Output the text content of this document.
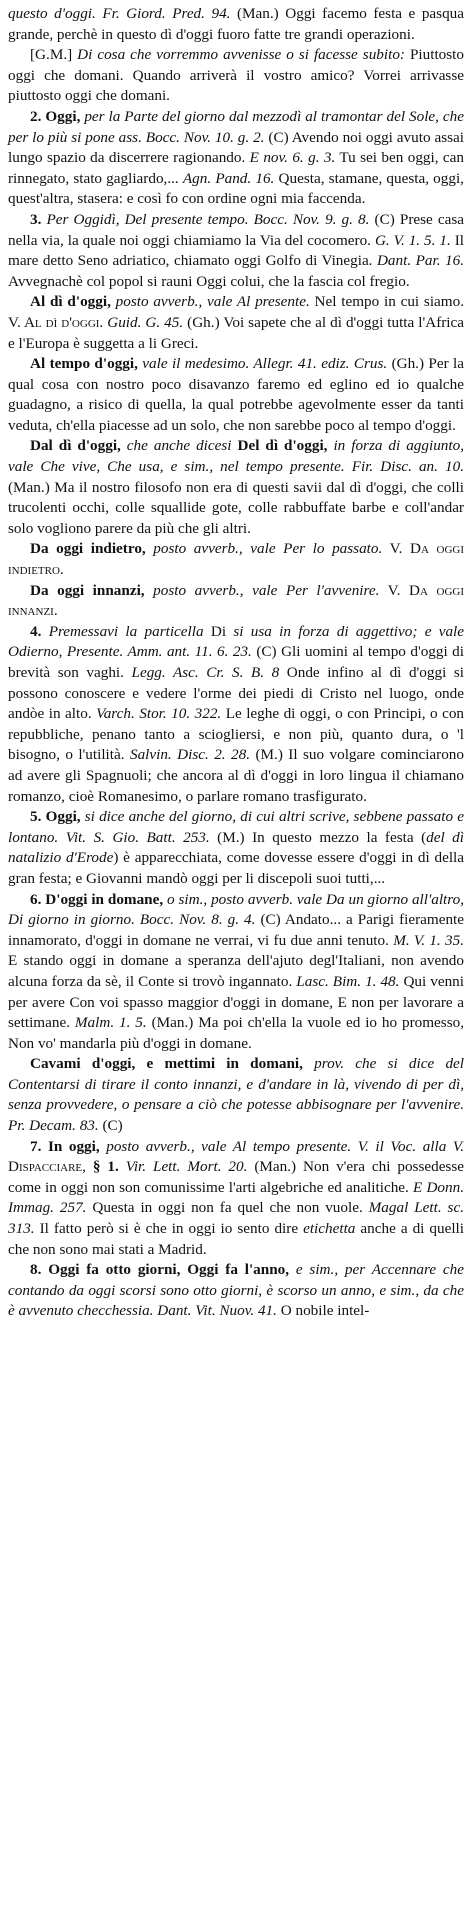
questo d'oggi. Fr. Giord. Pred. 94. (Man.) Oggi facemo festa e pasqua grande, perchè in questo dì d'oggi fuoro fatte tre grandi operazioni.

[G.M.] Di cosa che vorremmo avvenisse o si facesse subito: Piuttosto oggi che domani. Quando arriverà il vostro amico? Vorrei arrivasse piuttosto oggi che domani.

2. Oggi, per la Parte del giorno dal mezzodì al tramontar del Sole, che per lo più si pone ass. Bocc. Nov. 10. g. 2. (C) Avendo noi oggi avuto assai lungo spazio da discerrere ragionando. E nov. 6. g. 3. Tu sei ben oggi, can rinnegato, stato gagliardo,... Agn. Pand. 16. Questa, stamane, questa, oggi, quest'altra, stasera: e così fo con ordine ogni mia faccenda.

3. Per Oggidì, Del presente tempo. Bocc. Nov. 9. g. 8. (C) Prese casa nella via, la quale noi oggi chiamiamo la Via del cocomero. G. V. 1. 5. 1. Il mare detto Seno adriatico, chiamato oggi Golfo di Vinegia. Dant. Par. 16. Avvegnachè col popol si rauni Oggi colui, che la fascia col fregio.

Al dì d'oggi, posto avverb., vale Al presente. Nel tempo in cui siamo. V. Al dì d'oggi. Guid. G. 45. (Gh.) Voi sapete che al dì d'oggi tutta l'Africa e l'Europa è suggetta a li Greci.

Al tempo d'oggi, vale il medesimo. Allegr. 41. ediz. Crus. (Gh.) Per la qual cosa con nostro poco disavanzo faremo ed eglino ed io qualche guadagno, a risico di quella, la qual potrebbe agevolmente esser da tanti veduta, ch'ella piacesse ad un solo, che non sarebbe poco al tempo d'oggi.

Dal dì d'oggi, che anche dicesi Del dì d'oggi, in forza di aggiunto, vale Che vive, Che usa, e sim., nel tempo presente. Fir. Disc. an. 10. (Man.) Ma il nostro filosofo non era di questi savii dal dì d'oggi, che colli trucolenti occhi, colle squallide gote, colle rabbuffate barbe e coll'andar solo vogliono parere da più che gli altri.

Da oggi indietro, posto avverb., vale Per lo passato. V. Da oggi indietro.

Da oggi innanzi, posto avverb., vale Per l'avvenire. V. Da oggi innanzi.

4. Premessavi la particella Di si usa in forza di aggettivo; e vale Odierno, Presente. Amm. ant. 11. 6. 23. (C) Gli uomini al tempo d'oggi di brevità son vaghi. Legg. Asc. Cr. S. B. 8 Onde infino al dì d'oggi si possono conoscere e vedere l'orme dei piedi di Cristo nel luogo, onde andòe in alto. Varch. Stor. 10. 322. Le leghe di oggi, o con Principi, o con repubbliche, penano tanto a sciogliersi, e non più, quanto dura, o 'l bisogno, o l'utilità. Salvin. Disc. 2. 28. (M.) Il suo volgare cominciarono ad avere gli Spagnuoli; che ancora al dì d'oggi in loro lingua il chiamano romanzo, cioè Romanesimo, o parlare romano trasfigurato.

5. Oggi, si dice anche del giorno, di cui altri scrive, sebbene passato e lontano. Vit. S. Gio. Batt. 253. (M.) In questo mezzo la festa (del dì natalizio d'Erode) è apparecchiata, come dovesse essere d'oggi in dì della gran festa; e Giovanni mandò oggi per li discepoli suoi tutti,...

6. D'oggi in domane, o sim., posto avverb. vale Da un giorno all'altro, Di giorno in giorno. Bocc. Nov. 8. g. 4. (C) Andato... a Parigi fieramente innamorato, d'oggi in domane ne verrai, vi fu due anni tenuto. M. V. 1. 35. E stando oggi in domane a speranza dell'ajuto degl'Italiani, non avendo alcuna forza da sè, il Conte si trovò ingannato. Lasc. Bim. 1. 48. Qui venni per avere Con voi spasso maggior d'oggi in domane, E non per lavorare a settimane. Malm. 1. 5. (Man.) Ma poi ch'ella la vuole ed io ho promesso, Non vo' mandarla più d'oggi in domane.

Cavami d'oggi, e mettimi in domani, prov. che si dice del Contentarsi di tirare il conto innanzi, e d'andare in là, vivendo di per dì, senza provvedere, o pensare a ciò che potesse abbisognare per l'avvenire. Pr. Decam. 83. (C)

7. In oggi, posto avverb., vale Al tempo presente. V. il Voc. alla V. Dispacciare, § 1. Vir. Lett. Mort. 20. (Man.) Non v'era chi possedesse come in oggi non son comunissime l'arti algebriche ed analitiche. E Donn. Immag. 257. Questa in oggi non fa quel che non vuole. Magal Lett. sc. 313. Il fatto però si è che in oggi io sento dire etichetta anche a di quelli che non sono mai stati a Madrid.

8. Oggi fa otto giorni, Oggi fa l'anno, e sim., per Accennare che contando da oggi scorsi sono otto giorni, è scorso un anno, e sim., da che è avvenuto checchessia. Dant. Vit. Nuov. 41. O nobile intel-
